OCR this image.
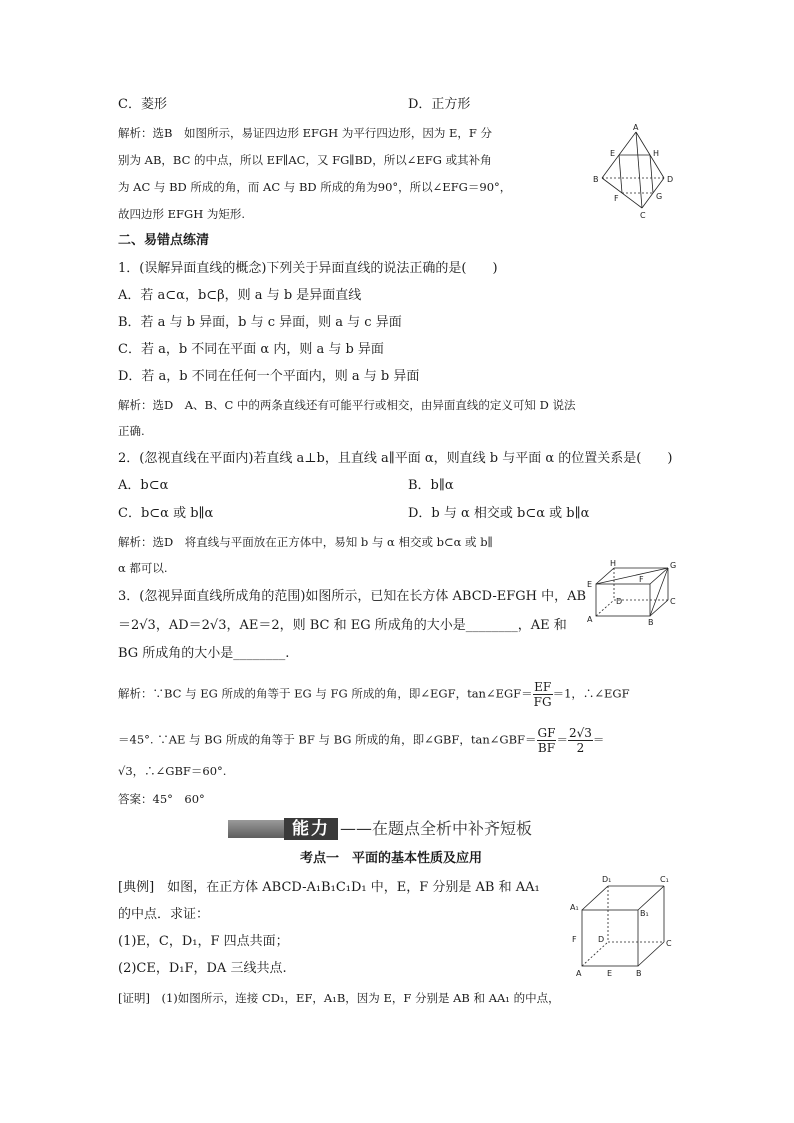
C．菱形	D．正方形
解析：选B　如图所示，易证四边形 EFGH 为平行四边形，因为 E，F 分
别为 AB，BC 的中点，所以 EF∥AC，又 FG∥BD，所以∠EFG 或其补角
为 AC 与 BD 所成的角，而 AC 与 BD 所成的角为90°，所以∠EFG＝90°，
故四边形 EFGH 为矩形.
A
E	H
B	D
F	G
C
二、易错点练清
1．(误解异面直线的概念)下列关于异面直线的说法正确的是(　　)
A．若 a⊂α，b⊂β，则 a 与 b 是异面直线
B．若 a 与 b 异面，b 与 c 异面，则 a 与 c 异面
C．若 a，b 不同在平面 α 内，则 a 与 b 异面
D．若 a，b 不同在任何一个平面内，则 a 与 b 异面
解析：选D　A、B、C 中的两条直线还有可能平行或相交，由异面直线的定义可知 D 说法
正确.
2．(忽视直线在平面内)若直线 a⊥b，且直线 a∥平面 α，则直线 b 与平面 α 的位置关系是(　　)
A．b⊂α	B．b∥α
C．b⊂α 或 b∥α	D．b 与 α 相交或 b⊂α 或 b∥α
解析：选D　将直线与平面放在正方体中，易知 b 与 α 相交或 b⊂α 或 b∥
α 都可以.
3．(忽视异面直线所成角的范围)如图所示，已知在长方体 ABCD-EFGH 中，AB
＝2√3，AD＝2√3，AE＝2，则 BC 和 EG 所成角的大小是________，AE 和
BG 所成角的大小是________.
H	G
E
F
D	C
A	B
解析：∵BC 与 EG 所成的角等于 EG 与 FG 所成的角，即∠EGF，tan∠EGF＝ $\frac{EF}{FG} =1$，∴∠EGF
＝45°. ∵AE 与 BG 所成的角等于 BF 与 BG 所成的角，即∠GBF，tan∠GBF＝ $\frac{GF}{BF} = \frac{2√3}{2}$ ＝
√3，∴∠GBF＝60°.
答案：45°　60°
能力 ——在题点全析中补齐短板
考点一　平面的基本性质及应用
[典例]　如图，在正方体 ABCD-A₁B₁C₁D₁ 中，E，F 分别是 AB 和 AA₁
的中点．求证：
(1)E，C，D₁，F 四点共面；
(2)CE，D₁F，DA 三线共点.
[证明]　(1)如图所示，连接 CD₁，EF，A₁B，因为 E，F 分别是 AB 和 AA₁ 的中点，
D₁	C₁
A₁
B₁
F	D	C
A	E	B
